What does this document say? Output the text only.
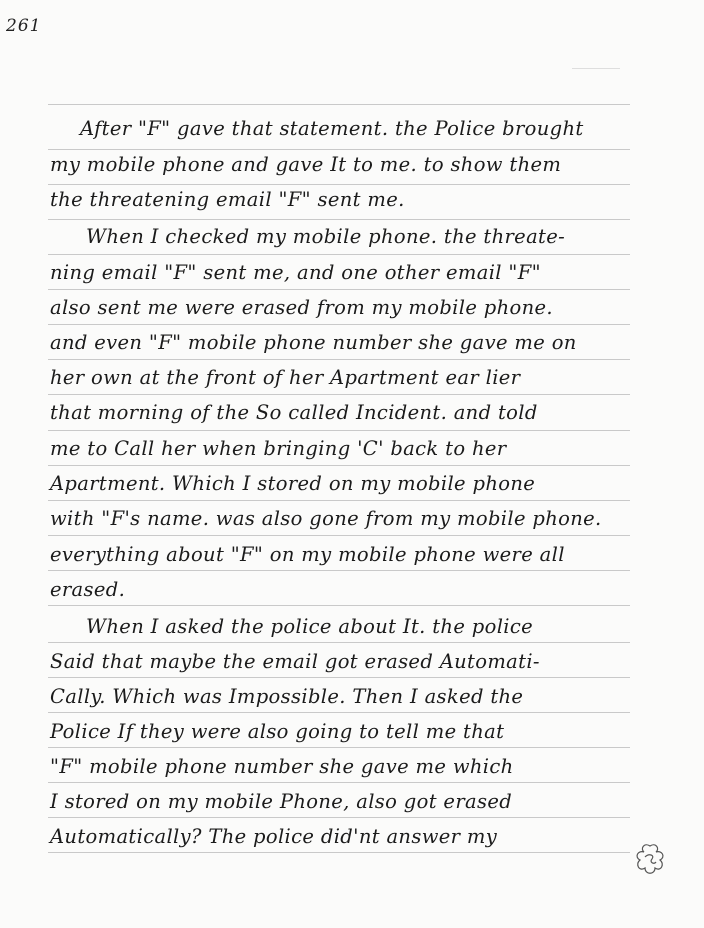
261
After "F" gave that statement. the Police brought
my mobile phone and gave It to me. to show them
the threatening email "F" sent me.
When I checked my mobile phone. the threate-
ning email "F" sent me, and one other email "F"
also sent me were erased from my mobile phone.
and even "F" mobile phone number she gave me on
her own at the front of her Apartment ear lier
that morning of the So called Incident. and told
me to Call her when bringing 'C' back to her
Apartment. Which I stored on my mobile phone
with "F's name. was also gone from my mobile phone.
everything about "F" on my mobile phone were all
erased.
When I asked the police about It. the police
Said that maybe the email got erased Automati-
Cally. Which was Impossible. Then I asked the
Police If they were also going to tell me that
"F" mobile phone number she gave me which
I stored on my mobile Phone, also got erased
Automatically? The police did'nt answer my
